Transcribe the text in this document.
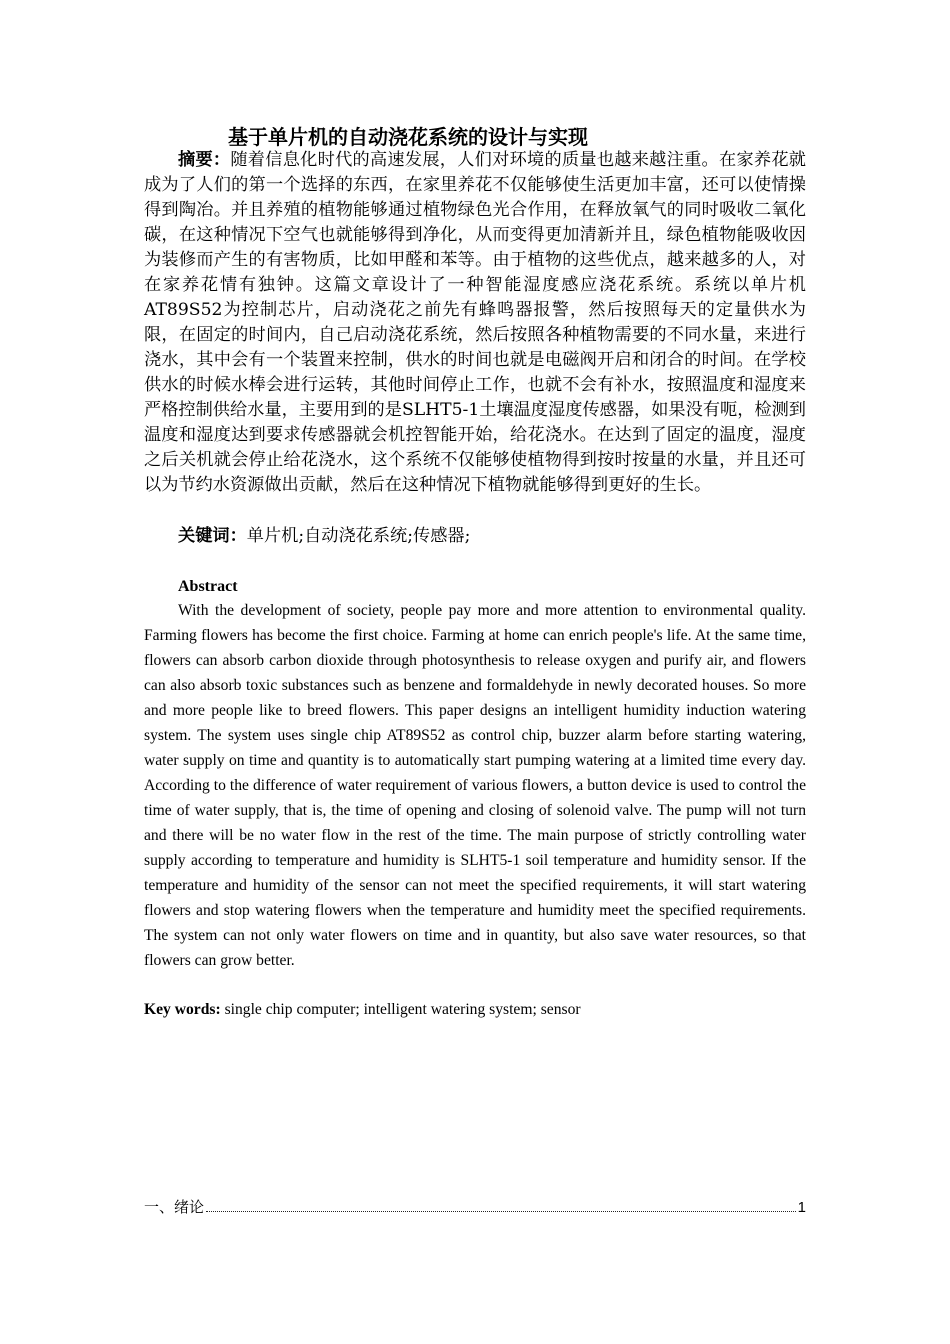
基于单片机的自动浇花系统的设计与实现

摘要：随着信息化时代的高速发展，人们对环境的质量也越来越注重。在家养花就成为了人们的第一个选择的东西，在家里养花不仅能够使生活更加丰富，还可以使情操得到陶冶。并且养殖的植物能够通过植物绿色光合作用，在释放氧气的同时吸收二氧化碳，在这种情况下空气也就能够得到净化，从而变得更加清新并且，绿色植物能吸收因为装修而产生的有害物质，比如甲醛和苯等。由于植物的这些优点，越来越多的人，对在家养花情有独钟。这篇文章设计了一种智能湿度感应浇花系统。系统以单片机AT89S52为控制芯片，启动浇花之前先有蜂鸣器报警，然后按照每天的定量供水为限，在固定的时间内，自己启动浇花系统，然后按照各种植物需要的不同水量，来进行浇水，其中会有一个装置来控制，供水的时间也就是电磁阀开启和闭合的时间。在学校供水的时候水棒会进行运转，其他时间停止工作，也就不会有补水，按照温度和湿度来严格控制供给水量，主要用到的是SLHT5-1土壤温度湿度传感器，如果没有呃，检测到温度和湿度达到要求传感器就会机控智能开始，给花浇水。在达到了固定的温度，湿度之后关机就会停止给花浇水，这个系统不仅能够使植物得到按时按量的水量，并且还可以为节约水资源做出贡献，然后在这种情况下植物就能够得到更好的生长。

关键词：单片机;自动浇花系统;传感器;
Abstract

With the development of society, people pay more and more attention to environmental quality. Farming flowers has become the first choice. Farming at home can enrich people's life. At the same time, flowers can absorb carbon dioxide through photosynthesis to release oxygen and purify air, and flowers can also absorb toxic substances such as benzene and formaldehyde in newly decorated houses. So more and more people like to breed flowers. This paper designs an intelligent humidity induction watering system. The system uses single chip AT89S52 as control chip, buzzer alarm before starting watering, water supply on time and quantity is to automatically start pumping watering at a limited time every day. According to the difference of water requirement of various flowers, a button device is used to control the time of water supply, that is, the time of opening and closing of solenoid valve. The pump will not turn and there will be no water flow in the rest of the time. The main purpose of strictly controlling water supply according to temperature and humidity is SLHT5-1 soil temperature and humidity sensor. If the temperature and humidity of the sensor can not meet the specified requirements, it will start watering flowers and stop watering flowers when the temperature and humidity meet the specified requirements. The system can not only water flowers on time and in quantity, but also save water resources, so that flowers can grow better.

Key words: single chip computer; intelligent watering system; sensor
一、绪论	1
